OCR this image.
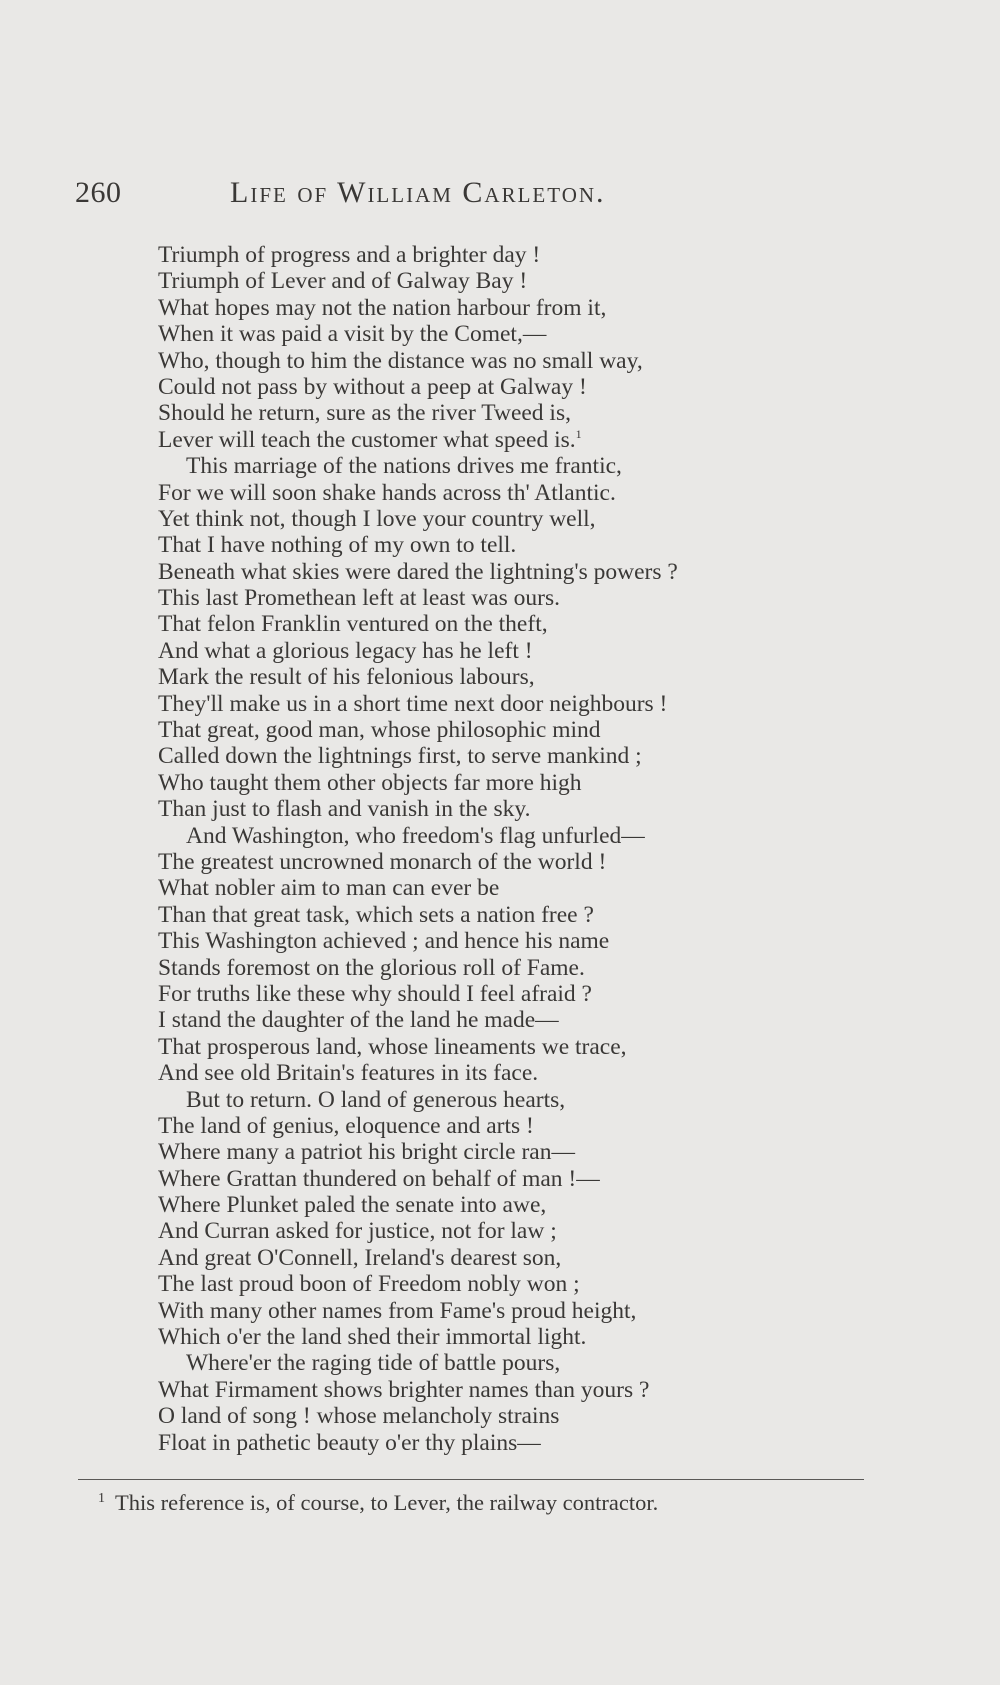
260	Life of William Carleton.
Triumph of progress and a brighter day !
Triumph of Lever and of Galway Bay !
What hopes may not the nation harbour from it,
When it was paid a visit by the Comet,—
Who, though to him the distance was no small way,
Could not pass by without a peep at Galway !
Should he return, sure as the river Tweed is,
Lever will teach the customer what speed is.$^1$
This marriage of the nations drives me frantic,
For we will soon shake hands across th' Atlantic.
Yet think not, though I love your country well,
That I have nothing of my own to tell.
Beneath what skies were dared the lightning's powers ?
This last Promethean left at least was ours.
That felon Franklin ventured on the theft,
And what a glorious legacy has he left !
Mark the result of his felonious labours,
They'll make us in a short time next door neighbours !
That great, good man, whose philosophic mind
Called down the lightnings first, to serve mankind ;
Who taught them other objects far more high
Than just to flash and vanish in the sky.
And Washington, who freedom's flag unfurled—
The greatest uncrowned monarch of the world !
What nobler aim to man can ever be
Than that great task, which sets a nation free ?
This Washington achieved ; and hence his name
Stands foremost on the glorious roll of Fame.
For truths like these why should I feel afraid ?
I stand the daughter of the land he made—
That prosperous land, whose lineaments we trace,
And see old Britain's features in its face.
But to return. O land of generous hearts,
The land of genius, eloquence and arts !
Where many a patriot his bright circle ran—
Where Grattan thundered on behalf of man !—
Where Plunket paled the senate into awe,
And Curran asked for justice, not for law ;
And great O'Connell, Ireland's dearest son,
The last proud boon of Freedom nobly won ;
With many other names from Fame's proud height,
Which o'er the land shed their immortal light.
Where'er the raging tide of battle pours,
What Firmament shows brighter names than yours ?
O land of song ! whose melancholy strains
Float in pathetic beauty o'er thy plains—
$^1$ This reference is, of course, to Lever, the railway contractor.
